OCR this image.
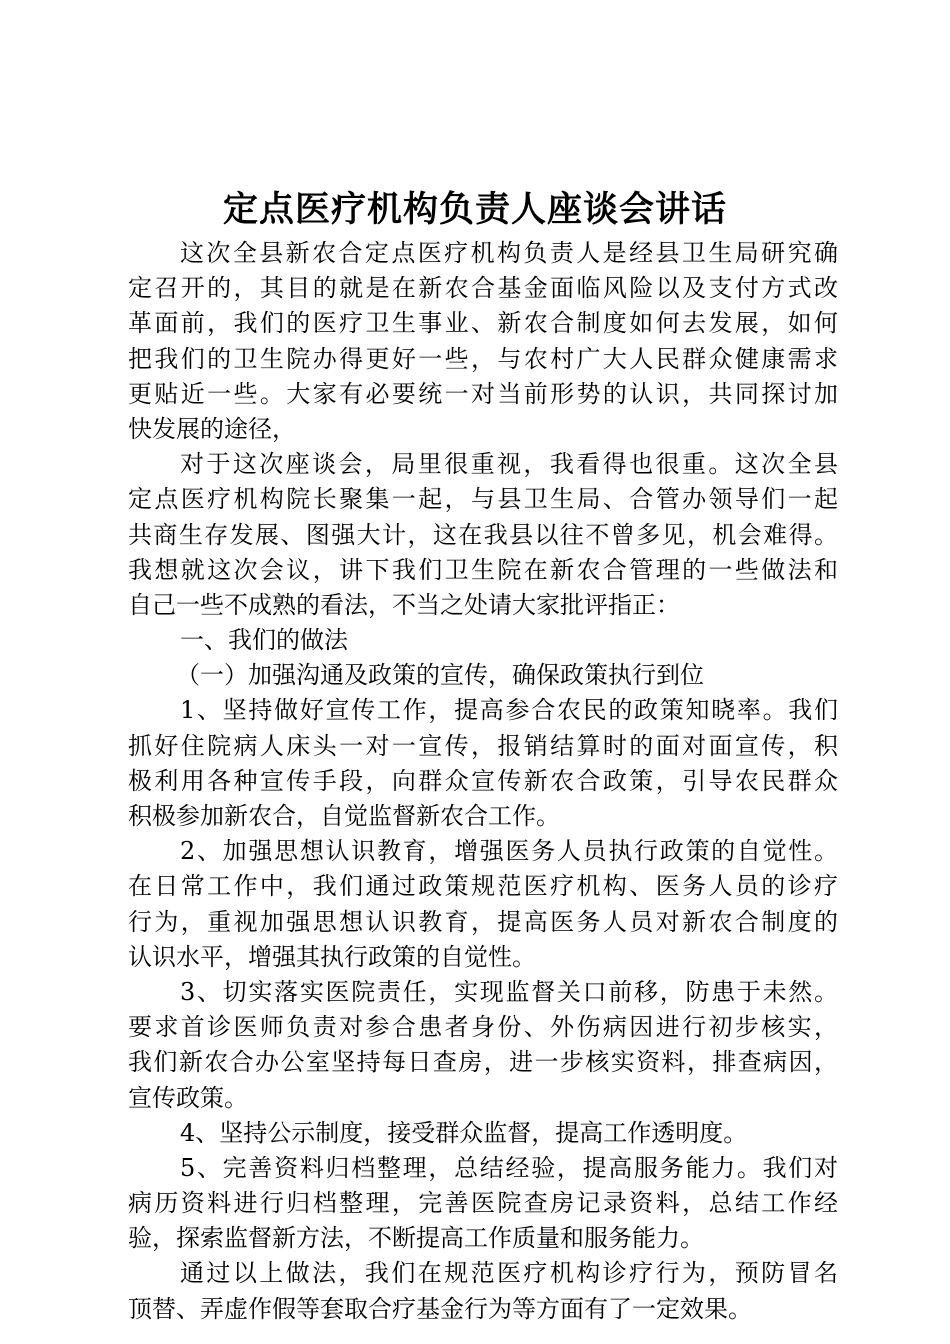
定点医疗机构负责人座谈会讲话
这次全县新农合定点医疗机构负责人是经县卫生局研究确
定召开的，其目的就是在新农合基金面临风险以及支付方式改
革面前，我们的医疗卫生事业、新农合制度如何去发展，如何
把我们的卫生院办得更好一些，与农村广大人民群众健康需求
更贴近一些。大家有必要统一对当前形势的认识，共同探讨加
快发展的途径，
对于这次座谈会，局里很重视，我看得也很重。这次全县
定点医疗机构院长聚集一起，与县卫生局、合管办领导们一起
共商生存发展、图强大计，这在我县以往不曾多见，机会难得。
我想就这次会议，讲下我们卫生院在新农合管理的一些做法和
自己一些不成熟的看法，不当之处请大家批评指正：
一、我们的做法
（一）加强沟通及政策的宣传，确保政策执行到位
1、坚持做好宣传工作，提高参合农民的政策知晓率。我们
抓好住院病人床头一对一宣传，报销结算时的面对面宣传，积
极利用各种宣传手段，向群众宣传新农合政策，引导农民群众
积极参加新农合，自觉监督新农合工作。
2、加强思想认识教育，增强医务人员执行政策的自觉性。
在日常工作中，我们通过政策规范医疗机构、医务人员的诊疗
行为，重视加强思想认识教育，提高医务人员对新农合制度的
认识水平，增强其执行政策的自觉性。
3、切实落实医院责任，实现监督关口前移，防患于未然。
要求首诊医师负责对参合患者身份、外伤病因进行初步核实，
我们新农合办公室坚持每日查房，进一步核实资料，排查病因，
宣传政策。
4、坚持公示制度，接受群众监督，提高工作透明度。
5、完善资料归档整理，总结经验，提高服务能力。我们对
病历资料进行归档整理，完善医院查房记录资料，总结工作经
验，探索监督新方法，不断提高工作质量和服务能力。
通过以上做法，我们在规范医疗机构诊疗行为，预防冒名
顶替、弄虚作假等套取合疗基金行为等方面有了一定效果。
